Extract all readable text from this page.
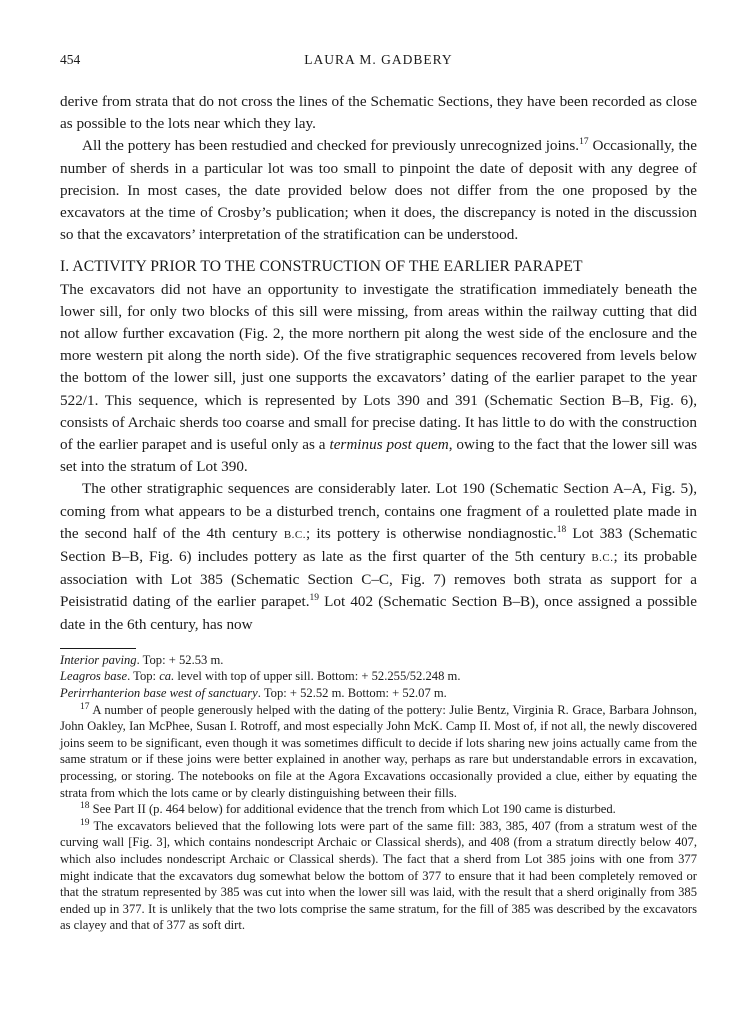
454	LAURA M. GADBERY

derive from strata that do not cross the lines of the Schematic Sections, they have been recorded as close as possible to the lots near which they lay.

All the pottery has been restudied and checked for previously unrecognized joins.$^{17}$ Occasionally, the number of sherds in a particular lot was too small to pinpoint the date of deposit with any degree of precision. In most cases, the date provided below does not differ from the one proposed by the excavators at the time of Crosby’s publication; when it does, the discrepancy is noted in the discussion so that the excavators’ interpretation of the stratification can be understood.

I. ACTIVITY PRIOR TO THE CONSTRUCTION OF THE EARLIER PARAPET

The excavators did not have an opportunity to investigate the stratification immediately beneath the lower sill, for only two blocks of this sill were missing, from areas within the railway cutting that did not allow further excavation (Fig. 2, the more northern pit along the west side of the enclosure and the more western pit along the north side). Of the five stratigraphic sequences recovered from levels below the bottom of the lower sill, just one supports the excavators’ dating of the earlier parapet to the year 522/1. This sequence, which is represented by Lots 390 and 391 (Schematic Section B–B, Fig. 6), consists of Archaic sherds too coarse and small for precise dating. It has little to do with the construction of the earlier parapet and is useful only as a terminus post quem, owing to the fact that the lower sill was set into the stratum of Lot 390.

The other stratigraphic sequences are considerably later. Lot 190 (Schematic Section A–A, Fig. 5), coming from what appears to be a disturbed trench, contains one fragment of a rouletted plate made in the second half of the 4th century B.C.; its pottery is otherwise nondiagnostic.$^{18}$ Lot 383 (Schematic Section B–B, Fig. 6) includes pottery as late as the first quarter of the 5th century B.C.; its probable association with Lot 385 (Schematic Section C–C, Fig. 7) removes both strata as support for a Peisistratid dating of the earlier parapet.$^{19}$ Lot 402 (Schematic Section B–B), once assigned a possible date in the 6th century, has now

Interior paving. Top: + 52.53 m.

Leagros base. Top: ca. level with top of upper sill. Bottom: + 52.255/52.248 m.

Perirrhanterion base west of sanctuary. Top: + 52.52 m. Bottom: + 52.07 m.

$^{17}$ A number of people generously helped with the dating of the pottery: Julie Bentz, Virginia R. Grace, Barbara Johnson, John Oakley, Ian McPhee, Susan I. Rotroff, and most especially John McK. Camp II. Most of, if not all, the newly discovered joins seem to be significant, even though it was sometimes difficult to decide if lots sharing new joins actually came from the same stratum or if these joins were better explained in another way, perhaps as rare but understandable errors in excavation, processing, or storing. The notebooks on file at the Agora Excavations occasionally provided a clue, either by equating the strata from which the lots came or by clearly distinguishing between their fills.

$^{18}$ See Part II (p. 464 below) for additional evidence that the trench from which Lot 190 came is disturbed.

$^{19}$ The excavators believed that the following lots were part of the same fill: 383, 385, 407 (from a stratum west of the curving wall [Fig. 3], which contains nondescript Archaic or Classical sherds), and 408 (from a stratum directly below 407, which also includes nondescript Archaic or Classical sherds). The fact that a sherd from Lot 385 joins with one from 377 might indicate that the excavators dug somewhat below the bottom of 377 to ensure that it had been completely removed or that the stratum represented by 385 was cut into when the lower sill was laid, with the result that a sherd originally from 385 ended up in 377. It is unlikely that the two lots comprise the same stratum, for the fill of 385 was described by the excavators as clayey and that of 377 as soft dirt.
